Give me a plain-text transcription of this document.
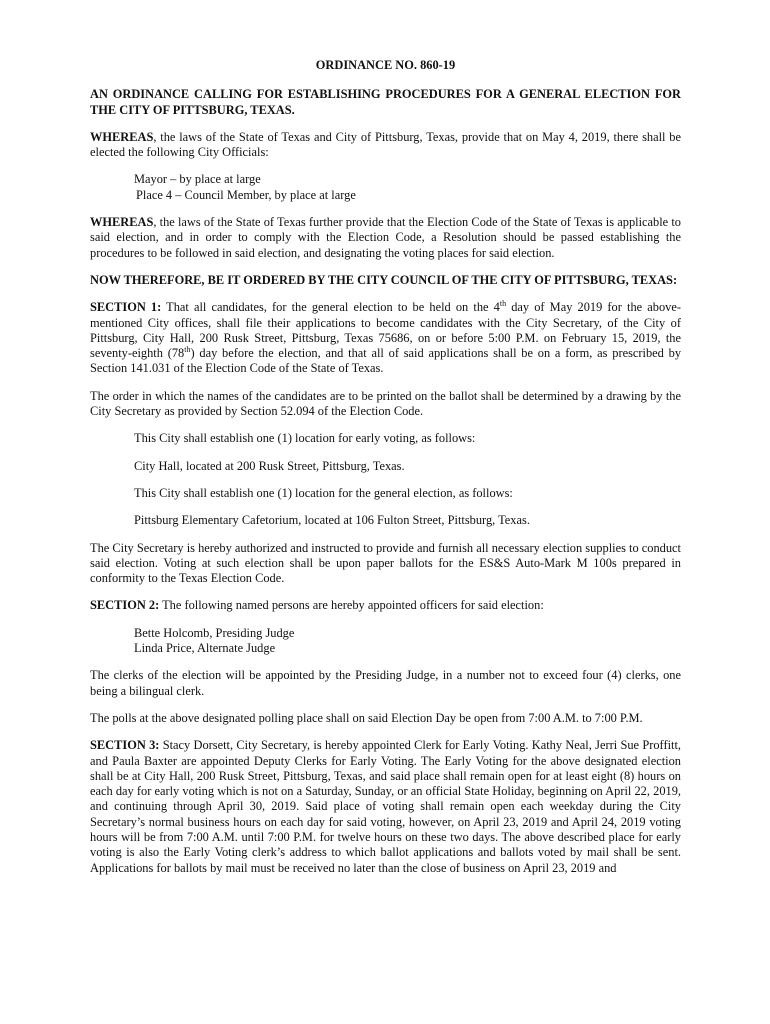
ORDINANCE NO. 860-19
AN ORDINANCE CALLING FOR ESTABLISHING PROCEDURES FOR A GENERAL ELECTION FOR THE CITY OF PITTSBURG, TEXAS.

WHEREAS, the laws of the State of Texas and City of Pittsburg, Texas, provide that on May 4, 2019, there shall be elected the following City Officials:

Mayor – by place at large
Place 4 – Council Member, by place at large

WHEREAS, the laws of the State of Texas further provide that the Election Code of the State of Texas is applicable to said election, and in order to comply with the Election Code, a Resolution should be passed establishing the procedures to be followed in said election, and designating the voting places for said election.

NOW THEREFORE, BE IT ORDERED BY THE CITY COUNCIL OF THE CITY OF PITTSBURG, TEXAS:

SECTION 1: That all candidates, for the general election to be held on the 4th day of May 2019 for the above-mentioned City offices, shall file their applications to become candidates with the City Secretary, of the City of Pittsburg, City Hall, 200 Rusk Street, Pittsburg, Texas 75686, on or before 5:00 P.M. on February 15, 2019, the seventy-eighth (78th) day before the election, and that all of said applications shall be on a form, as prescribed by Section 141.031 of the Election Code of the State of Texas.

The order in which the names of the candidates are to be printed on the ballot shall be determined by a drawing by the City Secretary as provided by Section 52.094 of the Election Code.

This City shall establish one (1) location for early voting, as follows:

City Hall, located at 200 Rusk Street, Pittsburg, Texas.

This City shall establish one (1) location for the general election, as follows:

Pittsburg Elementary Cafetorium, located at 106 Fulton Street, Pittsburg, Texas.

The City Secretary is hereby authorized and instructed to provide and furnish all necessary election supplies to conduct said election. Voting at such election shall be upon paper ballots for the ES&S Auto-Mark M 100s prepared in conformity to the Texas Election Code.

SECTION 2: The following named persons are hereby appointed officers for said election:

Bette Holcomb, Presiding Judge
Linda Price, Alternate Judge

The clerks of the election will be appointed by the Presiding Judge, in a number not to exceed four (4) clerks, one being a bilingual clerk.

The polls at the above designated polling place shall on said Election Day be open from 7:00 A.M. to 7:00 P.M.

SECTION 3: Stacy Dorsett, City Secretary, is hereby appointed Clerk for Early Voting. Kathy Neal, Jerri Sue Proffitt, and Paula Baxter are appointed Deputy Clerks for Early Voting. The Early Voting for the above designated election shall be at City Hall, 200 Rusk Street, Pittsburg, Texas, and said place shall remain open for at least eight (8) hours on each day for early voting which is not on a Saturday, Sunday, or an official State Holiday, beginning on April 22, 2019, and continuing through April 30, 2019. Said place of voting shall remain open each weekday during the City Secretary’s normal business hours on each day for said voting, however, on April 23, 2019 and April 24, 2019 voting hours will be from 7:00 A.M. until 7:00 P.M. for twelve hours on these two days. The above described place for early voting is also the Early Voting clerk’s address to which ballot applications and ballots voted by mail shall be sent. Applications for ballots by mail must be received no later than the close of business on April 23, 2019 and
